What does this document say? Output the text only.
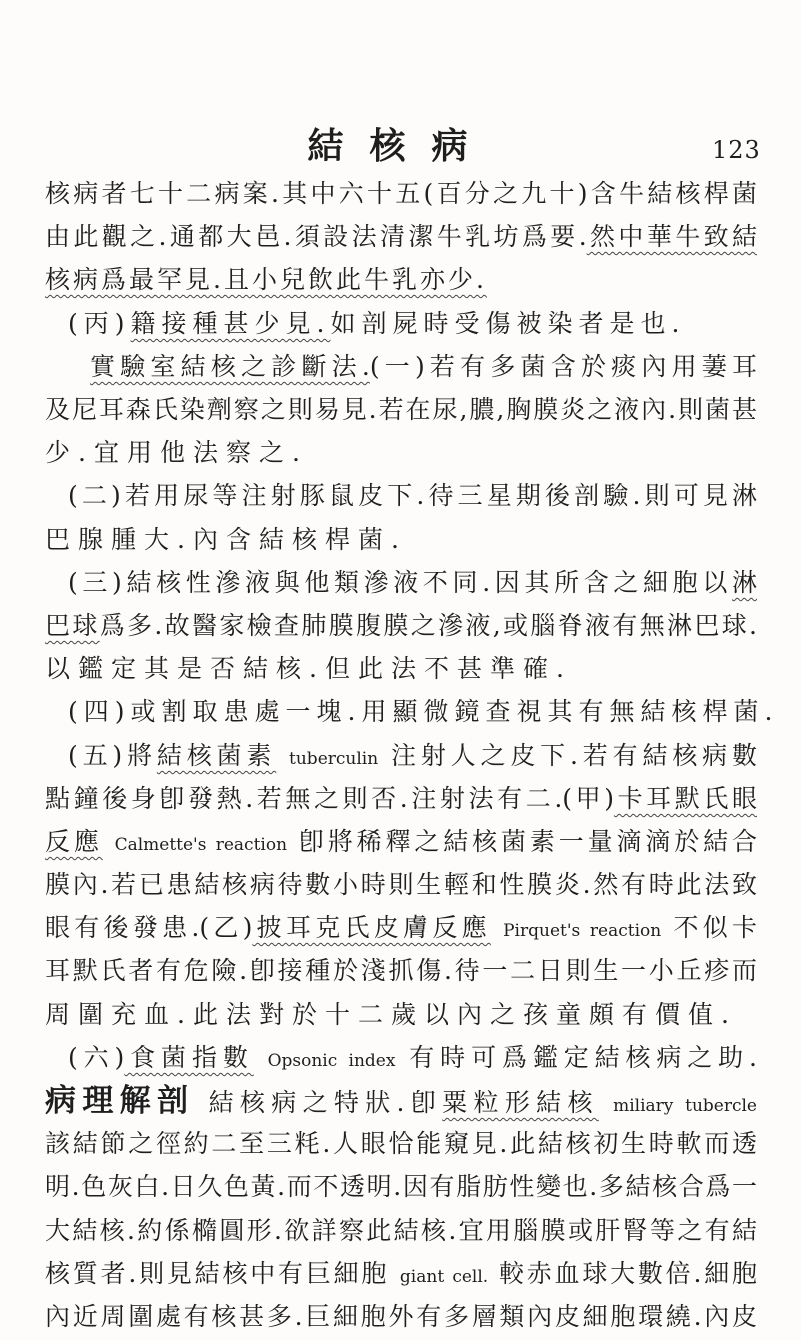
結核病	123
核病者七十二病案.其中六十五(百分之九十)含牛結核桿菌
由此觀之.通都大邑.須設法清潔牛乳坊爲要.然中華牛致結
核病爲最罕見.且小兒飲此牛乳亦少.
(丙)籍接種甚少見.如剖屍時受傷被染者是也.
實驗室結核之診斷法.(一)若有多菌含於痰內用萋耳
及尼耳森氏染劑察之則易見.若在尿,膿,胸膜炎之液內.則菌甚
少.宜用他法察之.
(二)若用尿等注射豚鼠皮下.待三星期後剖驗.則可見淋
巴腺腫大.內含結核桿菌.
(三)結核性滲液與他類滲液不同.因其所含之細胞以淋
巴球爲多.故醫家檢查肺膜腹膜之滲液,或腦脊液有無淋巴球.
以鑑定其是否結核.但此法不甚準確.
(四)或割取患處一塊.用顯微鏡查視其有無結核桿菌.
(五)將結核菌素 tuberculin 注射人之皮下.若有結核病數
點鐘後身卽發熱.若無之則否.注射法有二.(甲)卡耳默氏眼
反應 Calmette's reaction 卽將稀釋之結核菌素一量滴滴於結合
膜內.若已患結核病待數小時則生輕和性膜炎.然有時此法致
眼有後發患.(乙)披耳克氏皮膚反應 Pirquet's reaction 不似卡
耳默氏者有危險.卽接種於淺抓傷.待一二日則生一小丘疹而
周圍充血.此法對於十二歲以內之孩童頗有價值.
(六)食菌指數 Opsonic index 有時可爲鑑定結核病之助.
病理解剖 結核病之特狀.卽粟粒形結核 miliary tubercle
該結節之徑約二至三粍.人眼恰能窺見.此結核初生時軟而透
明.色灰白.日久色黃.而不透明.因有脂肪性變也.多結核合爲一
大結核.約係橢圓形.欲詳察此結核.宜用腦膜或肝腎等之有結
核質者.則見結核中有巨細胞 giant cell. 較赤血球大數倍.細胞
內近周圍處有核甚多.巨細胞外有多層類內皮細胞環繞.內皮
